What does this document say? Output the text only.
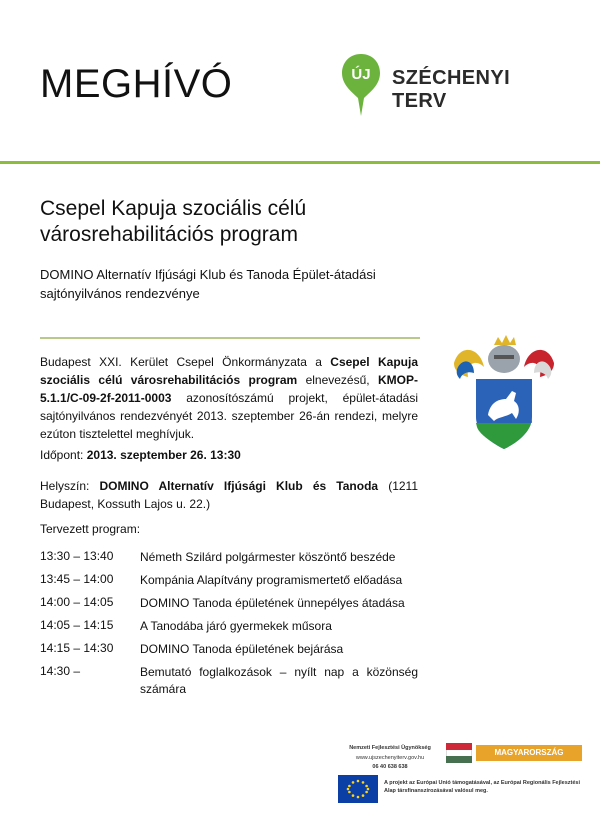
MEGHÍVÓ	ÚJ SZÉCHENYI TERV
Csepel Kapuja szociális célú városrehabilitációs program
DOMINO Alternatív Ifjúsági Klub és Tanoda Épület-átadási sajtónyilvános rendezvénye
Budapest XXI. Kerület Csepel Önkormányzata a Csepel Kapuja szociális célú városrehabilitációs program elnevezésű, KMOP-5.1.1/C-09-2f-2011-0003 azonosítószámú projekt, épület-átadási sajtónyilvános rendezvényét 2013. szeptember 26-án rendezi, melyre ezúton tisztelettel meghívjuk.
Időpont: 2013. szeptember 26. 13:30
Helyszín: DOMINO Alternatív Ifjúsági Klub és Tanoda (1211 Budapest, Kossuth Lajos u. 22.)
Tervezett program:
13:30 – 13:40	Németh Szilárd polgármester köszöntő beszéde
13:45 – 14:00	Kompánia Alapítvány programismertető előadása
14:00 – 14:05	DOMINO Tanoda épületének ünnepélyes átadása
14:05 – 14:15	A Tanodába járó gyermekek műsora
14:15 – 14:30	DOMINO Tanoda épületének bejárása
14:30 –	Bemutató foglalkozások – nyílt nap a közönség számára
Nemzeti Fejlesztési Ügynökség
www.ujszechenyiterv.gov.hu
06 40 638 638
MAGYARORSZÁG MEGÚJUL
A projekt az Európai Unió támogatásával, az Európai Regionális Fejlesztési Alap társfinanszírozásával valósul meg.
